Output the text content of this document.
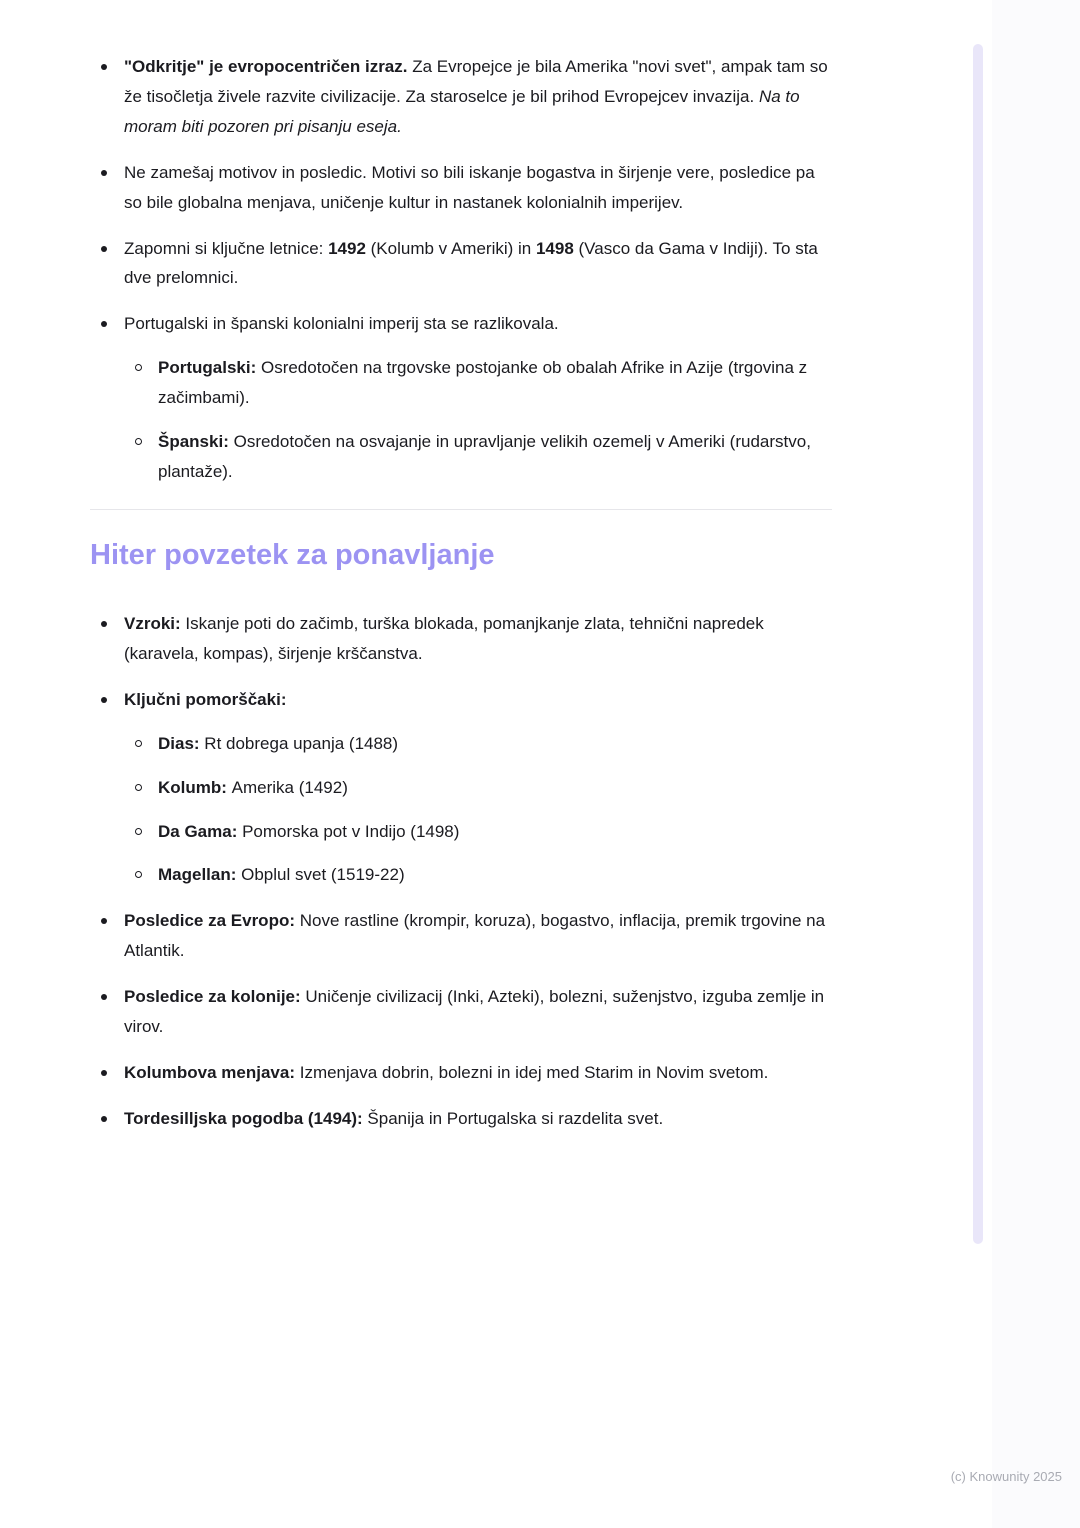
"Odkritje" je evropocentričen izraz. Za Evropejce je bila Amerika "novi svet", ampak tam so že tisočletja živele razvite civilizacije. Za staroselce je bil prihod Evropejcev invazija. Na to moram biti pozoren pri pisanju eseja.
Ne zamešaj motivov in posledic. Motivi so bili iskanje bogastva in širjenje vere, posledice pa so bile globalna menjava, uničenje kultur in nastanek kolonialnih imperijev.
Zapomni si ključne letnice: 1492 (Kolumb v Ameriki) in 1498 (Vasco da Gama v Indiji). To sta dve prelomnici.
Portugalski in španski kolonialni imperij sta se razlikovala.
Portugalski: Osredotočen na trgovske postojanke ob obalah Afrike in Azije (trgovina z začimbami).
Španski: Osredotočen na osvajanje in upravljanje velikih ozemelj v Ameriki (rudarstvo, plantaže).
Hiter povzetek za ponavljanje
Vzroki: Iskanje poti do začimb, turška blokada, pomanjkanje zlata, tehnični napredek (karavela, kompas), širjenje krščanstva.
Ključni pomorščaki:
Dias: Rt dobrega upanja (1488)
Kolumb: Amerika (1492)
Da Gama: Pomorska pot v Indijo (1498)
Magellan: Obplul svet (1519-22)
Posledice za Evropo: Nove rastline (krompir, koruza), bogastvo, inflacija, premik trgovine na Atlantik.
Posledice za kolonije: Uničenje civilizacij (Inki, Azteki), bolezni, suženjstvo, izguba zemlje in virov.
Kolumbova menjava: Izmenjava dobrin, bolezni in idej med Starim in Novim svetom.
Tordesilljska pogodba (1494): Španija in Portugalska si razdelita svet.
(c) Knowunity 2025
